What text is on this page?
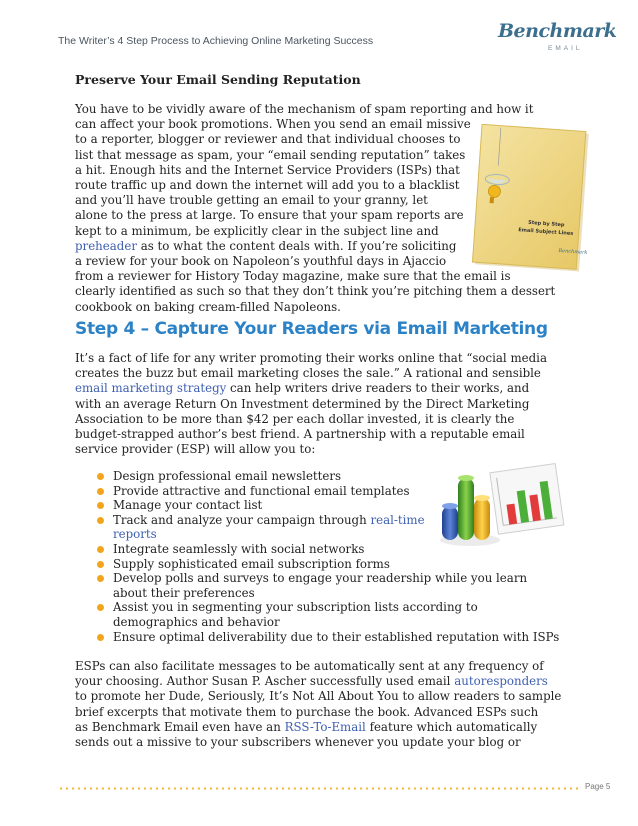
The Writer’s 4 Step Process to Achieving Online Marketing Success	Benchmark
EMAIL
Preserve Your Email Sending Reputation
You have to be vividly aware of the mechanism of spam reporting and how it
can affect your book promotions. When you send an email missive
to a reporter, blogger or reviewer and that individual chooses to
list that message as spam, your “email sending reputation” takes
a hit. Enough hits and the Internet Service Providers (ISPs) that
route traffic up and down the internet will add you to a blacklist
and you’ll have trouble getting an email to your granny, let
alone to the press at large. To ensure that your spam reports are
kept to a minimum, be explicitly clear in the subject line and
preheader as to what the content deals with. If you’re soliciting
a review for your book on Napoleon’s youthful days in Ajaccio
from a reviewer for History Today magazine, make sure that the email is
clearly identified as such so that they don’t think you’re pitching them a dessert
cookbook on baking cream-filled Napoleons.
Step by Step
Email Subject Lines
Benchmark
Step 4 – Capture Your Readers via Email Marketing
It’s a fact of life for any writer promoting their works online that “social media
creates the buzz but email marketing closes the sale.” A rational and sensible
email marketing strategy can help writers drive readers to their works, and
with an average Return On Investment determined by the Direct Marketing
Association to be more than $42 per each dollar invested, it is clearly the
budget-strapped author’s best friend. A partnership with a reputable email
service provider (ESP) will allow you to:
Design professional email newsletters
Provide attractive and functional email templates
Manage your contact list
Track and analyze your campaign through real-time
reports
Integrate seamlessly with social networks
Supply sophisticated email subscription forms
Develop polls and surveys to engage your readership while you learn
about their preferences
Assist you in segmenting your subscription lists according to
demographics and behavior
Ensure optimal deliverability due to their established reputation with ISPs
ESPs can also facilitate messages to be automatically sent at any frequency of
your choosing. Author Susan P. Ascher successfully used email autoresponders
to promote her Dude, Seriously, It’s Not All About You to allow readers to sample
brief excerpts that motivate them to purchase the book. Advanced ESPs such
as Benchmark Email even have an RSS-To-Email feature which automatically
sends out a missive to your subscribers whenever you update your blog or
Page 5
